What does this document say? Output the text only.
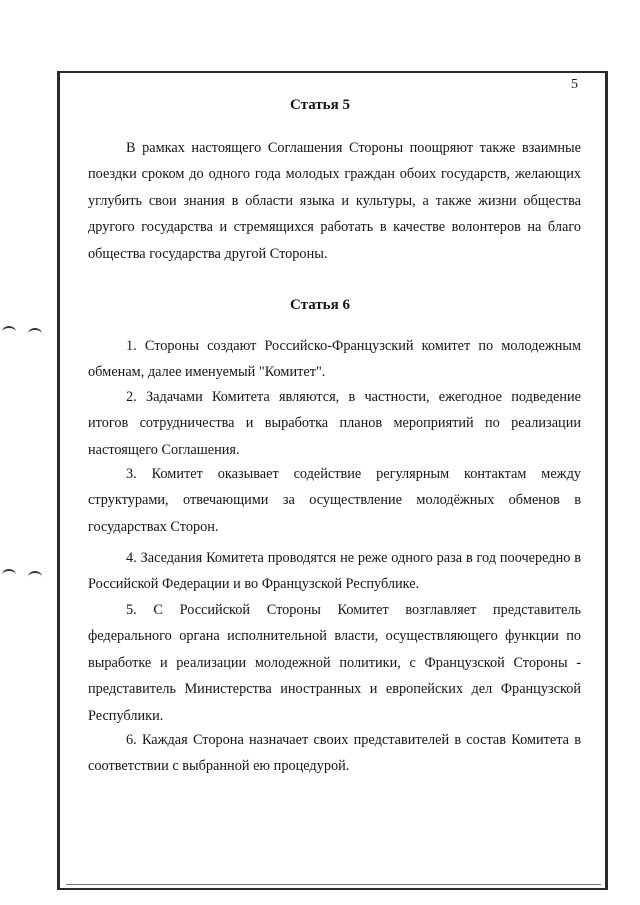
5
Статья 5

В рамках настоящего Соглашения Стороны поощряют также взаимные поездки сроком до одного года молодых граждан обоих государств, желающих углубить свои знания в области языка и культуры, а также жизни общества другого государства и стремящихся работать в качестве волонтеров на благо общества государства другой Стороны.

Статья 6

1. Стороны создают Российско-Французский комитет по молодежным обменам, далее именуемый "Комитет".

2. Задачами Комитета являются, в частности, ежегодное подведение итогов сотрудничества и выработка планов мероприятий по реализации настоящего Соглашения.

3. Комитет оказывает содействие регулярным контактам между структурами, отвечающими за осуществление молодёжных обменов в государствах Сторон.

4. Заседания Комитета проводятся не реже одного раза в год поочередно в Российской Федерации и во Французской Республике.

5. С Российской Стороны Комитет возглавляет представитель федерального органа исполнительной власти, осуществляющего функции по выработке и реализации молодежной политики, с Французской Стороны - представитель Министерства иностранных и европейских дел Французской Республики.

6. Каждая Сторона назначает своих представителей в состав Комитета в соответствии с выбранной ею процедурой.
